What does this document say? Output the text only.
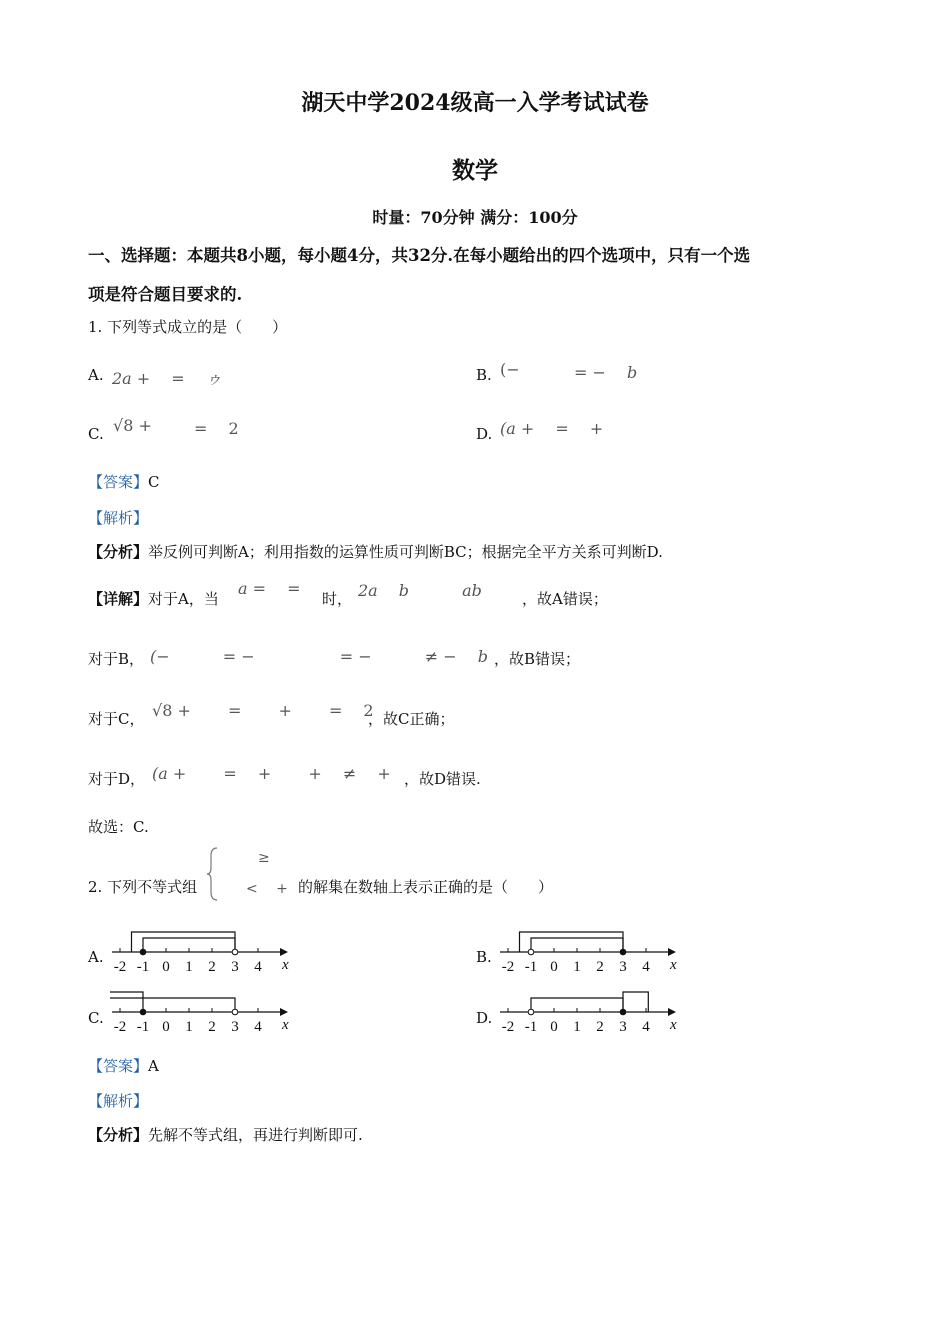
湖天中学2024级高一入学考试试卷
数学
时量：70分钟 满分：100分
一、选择题：本题共8小题，每小题4分，共32分.在每小题给出的四个选项中，只有一个选
项是符合题目要求的.
1. 下列等式成立的是（　　）
A. 2a +　 =　 ゥ	B. (−	= −　 b
C. √8 +	=　 2	D. (a +　 =　 +
【答案】C
【解析】
【分析】举反例可判断A；利用指数的运算性质可判断BC；根据完全平方关系可判断D.
【详解】对于A，当
a =　 =
时， 2a　 b　　　 ab	，故A错误；
对于B， (−　　　 = −　　　　　 = −　　　 ≠ −　 b ，故B错误；
对于C， √8 +　　 =　　 +　　 =　 2
，故C正确；
对于D， (a +　　 =　 +　　 +　 ≠　 + ，故D错误.
故选：C.
2. 下列不等式组
≥
<　 + 的解集在数轴上表示正确的是（　　）
A.	B.
C.	D.
-2 -1 0 1 2 3 4 x	-2 -1 0 1 2 3 4 x
-2 -1 0 1 2 3 4 x	-2 -1 0 1 2 3 4 x
【答案】A
【解析】
【分析】先解不等式组，再进行判断即可.
